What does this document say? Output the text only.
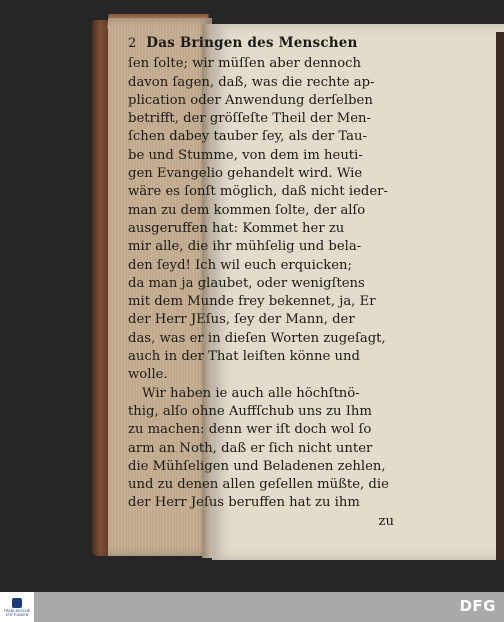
2 Das Bringen des Menschen
ſen ſolte; wir müſſen aber dennoch
davon ſagen, daß, was die rechte ap-
plication oder Anwendung derſelben
betrifft, der gröſſeſte Theil der Men-
ſchen dabey tauber ſey, als der Tau-
be und Stumme, von dem im heuti-
gen Evangelio gehandelt wird. Wie
wäre es ſonſt möglich, daß nicht ieder-
man zu dem kommen ſolte, der alſo
ausgeruffen hat: Kommet her zu
mir alle, die ihr mühſelig und bela-
den ſeyd! Ich wil euch erquicken;
da man ja glaubet, oder wenigſtens
mit dem Munde frey bekennet, ja, Er
der Herr JEſus, ſey der Mann, der
das, was er in dieſen Worten zugeſagt,
auch in der That leiſten könne und
wolle.
Wir haben ie auch alle höchſtnö-
thig, alſo ohne Auffſchub uns zu Ihm
zu machen: denn wer iſt doch wol ſo
arm an Noth, daß er ſich nicht unter
die Mühſeligen und Beladenen zehlen,
und zu denen allen geſellen müßte, die
der Herr Jeſus beruffen hat zu ihm
zu
FRANCKESCHE STIFTUNGEN	DFG
